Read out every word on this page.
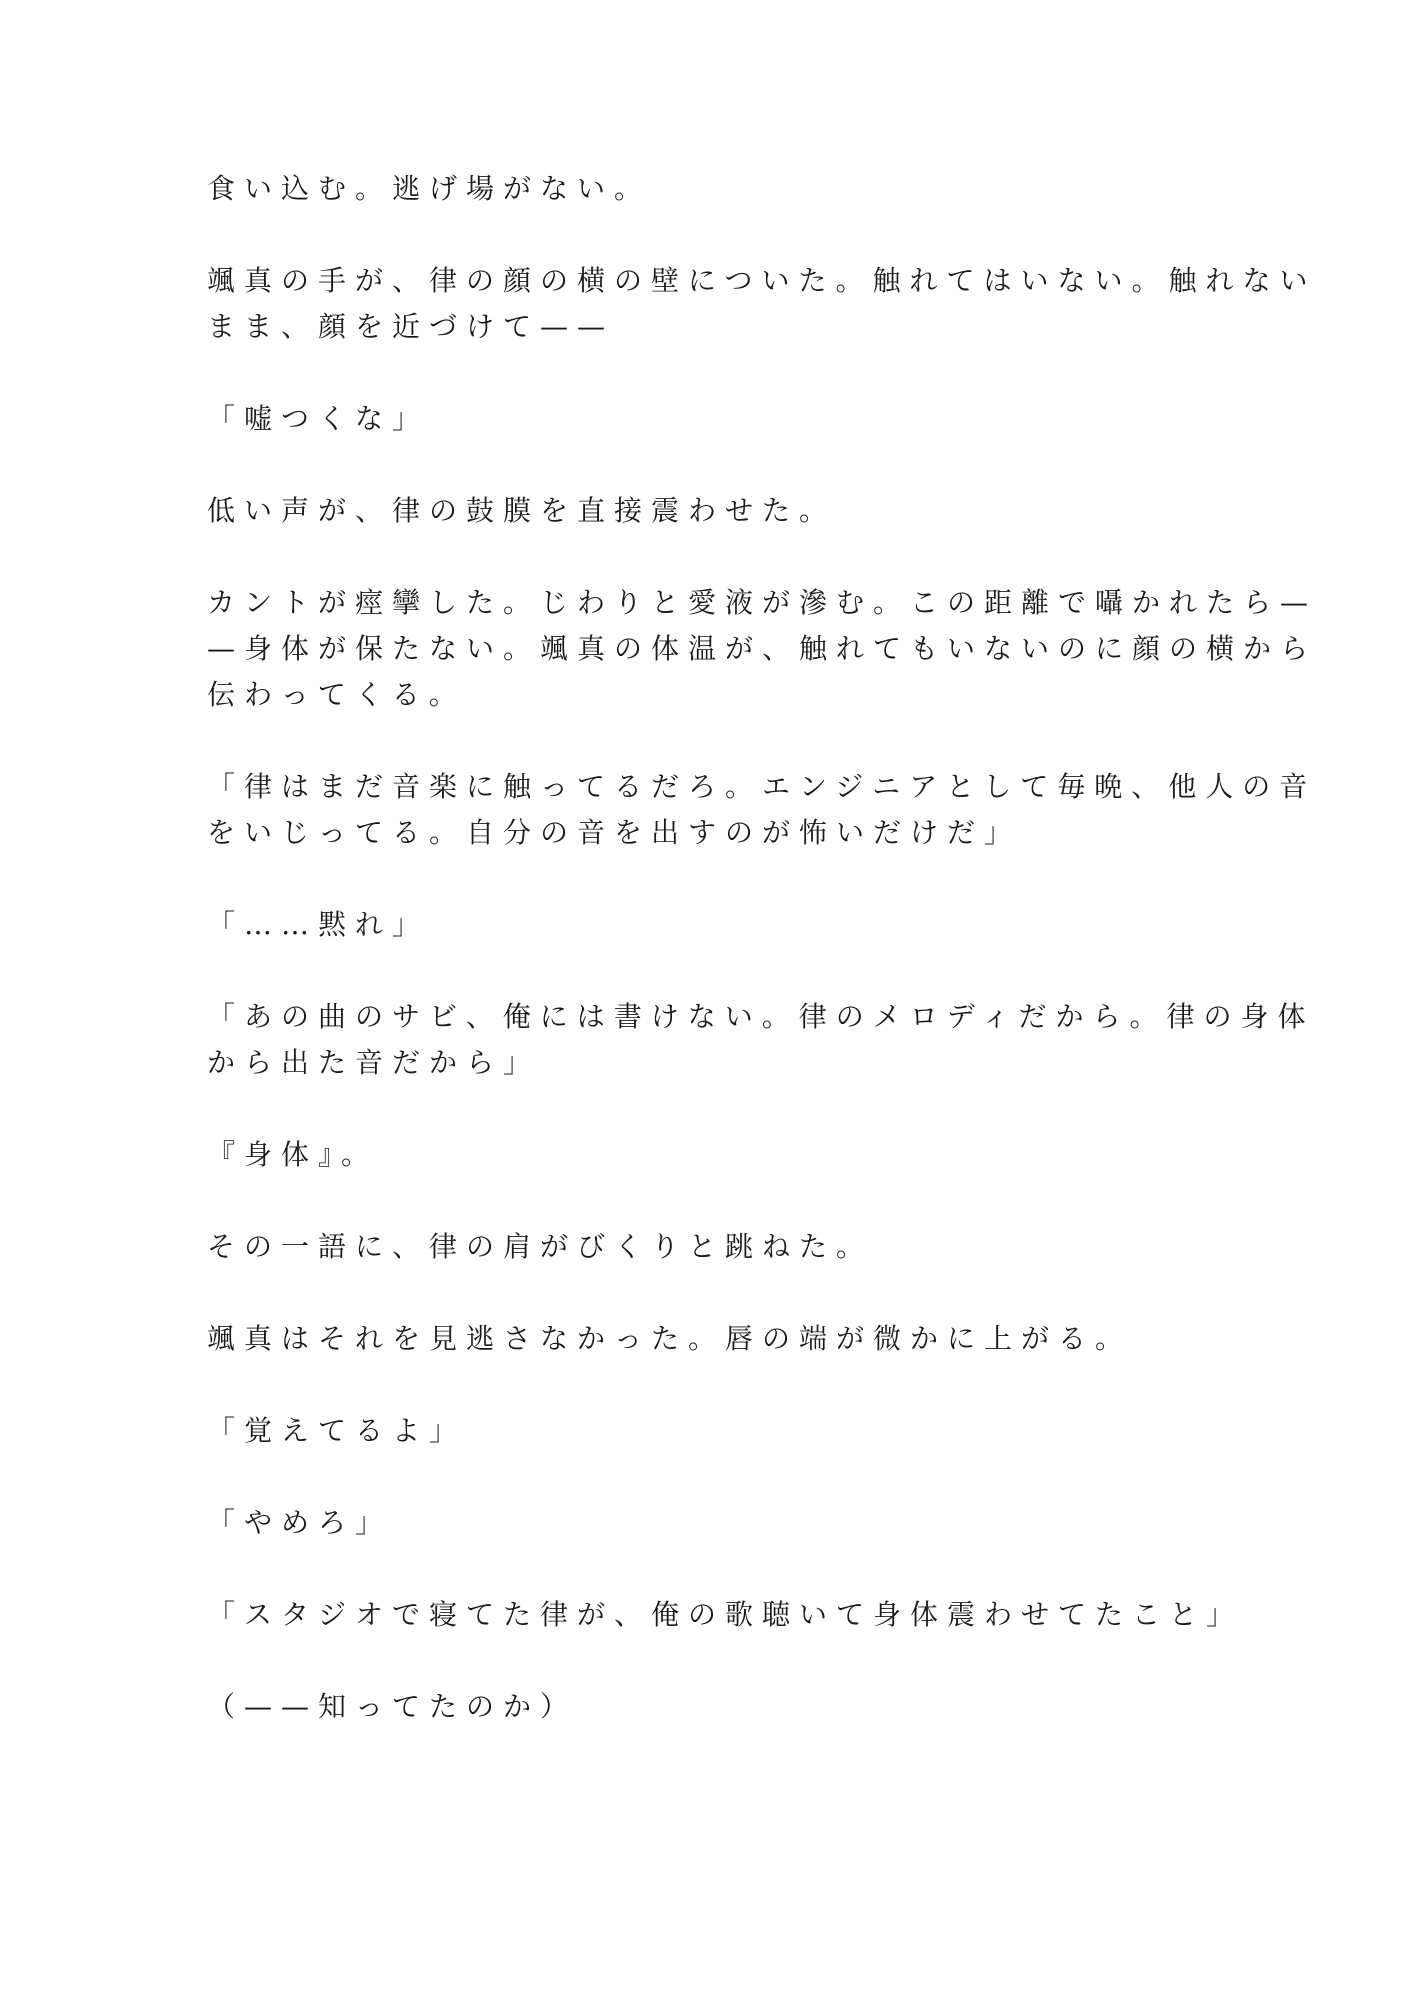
食い込む。逃げ場がない。

颯真の手が、律の顔の横の壁についた。触れてはいない。触れない
まま、顔を近づけて——

「嘘つくな」

低い声が、律の鼓膜を直接震わせた。

カントが痙攣した。じわりと愛液が滲む。この距離で囁かれたら—
—身体が保たない。颯真の体温が、触れてもいないのに顔の横から
伝わってくる。

「律はまだ音楽に触ってるだろ。エンジニアとして毎晩、他人の音
をいじってる。自分の音を出すのが怖いだけだ」

「……黙れ」

「あの曲のサビ、俺には書けない。律のメロディだから。律の身体
から出た音だから」

『身体』。

その一語に、律の肩がびくりと跳ねた。

颯真はそれを見逃さなかった。唇の端が微かに上がる。

「覚えてるよ」

「やめろ」

「スタジオで寝てた律が、俺の歌聴いて身体震わせてたこと」

（——知ってたのか）
